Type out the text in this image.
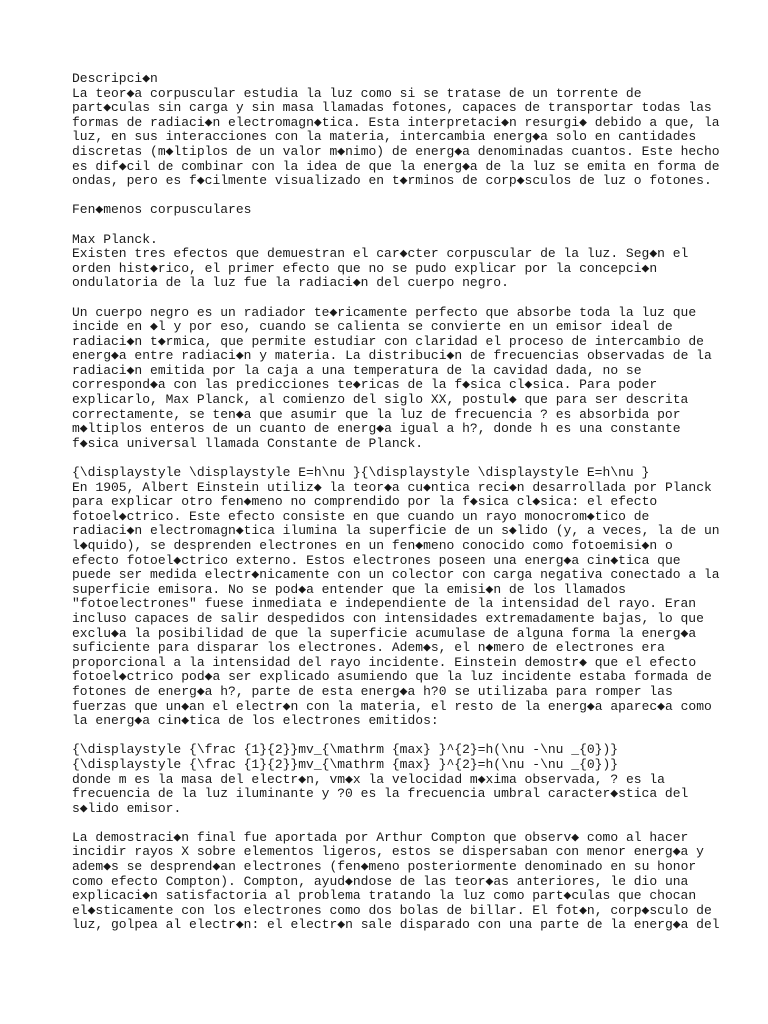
Descripci◆n
La teor◆a corpuscular estudia la luz como si se tratase de un torrente de
part◆culas sin carga y sin masa llamadas fotones, capaces de transportar todas las
formas de radiaci◆n electromagn◆tica. Esta interpretaci◆n resurgi◆ debido a que, la
luz, en sus interacciones con la materia, intercambia energ◆a solo en cantidades
discretas (m◆ltiplos de un valor m◆nimo) de energ◆a denominadas cuantos. Este hecho
es dif◆cil de combinar con la idea de que la energ◆a de la luz se emita en forma de
ondas, pero es f◆cilmente visualizado en t◆rminos de corp◆sculos de luz o fotones.
Fen◆menos corpusculares
Max Planck.
Existen tres efectos que demuestran el car◆cter corpuscular de la luz. Seg◆n el
orden hist◆rico, el primer efecto que no se pudo explicar por la concepci◆n
ondulatoria de la luz fue la radiaci◆n del cuerpo negro.
Un cuerpo negro es un radiador te◆ricamente perfecto que absorbe toda la luz que
incide en ◆l y por eso, cuando se calienta se convierte en un emisor ideal de
radiaci◆n t◆rmica, que permite estudiar con claridad el proceso de intercambio de
energ◆a entre radiaci◆n y materia. La distribuci◆n de frecuencias observadas de la
radiaci◆n emitida por la caja a una temperatura de la cavidad dada, no se
correspond◆a con las predicciones te◆ricas de la f◆sica cl◆sica. Para poder
explicarlo, Max Planck, al comienzo del siglo XX, postul◆ que para ser descrita
correctamente, se ten◆a que asumir que la luz de frecuencia ? es absorbida por
m◆ltiplos enteros de un cuanto de energ◆a igual a h?, donde h es una constante
f◆sica universal llamada Constante de Planck.
{\displaystyle \displaystyle E=h\nu }{\displaystyle \displaystyle E=h\nu }
En 1905, Albert Einstein utiliz◆ la teor◆a cu◆ntica reci◆n desarrollada por Planck
para explicar otro fen◆meno no comprendido por la f◆sica cl◆sica: el efecto
fotoel◆ctrico. Este efecto consiste en que cuando un rayo monocrom◆tico de
radiaci◆n electromagn◆tica ilumina la superficie de un s◆lido (y, a veces, la de un
l◆quido), se desprenden electrones en un fen◆meno conocido como fotoemisi◆n o
efecto fotoel◆ctrico externo. Estos electrones poseen una energ◆a cin◆tica que
puede ser medida electr◆nicamente con un colector con carga negativa conectado a la
superficie emisora. No se pod◆a entender que la emisi◆n de los llamados
"fotoelectrones" fuese inmediata e independiente de la intensidad del rayo. Eran
incluso capaces de salir despedidos con intensidades extremadamente bajas, lo que
exclu◆a la posibilidad de que la superficie acumulase de alguna forma la energ◆a
suficiente para disparar los electrones. Adem◆s, el n◆mero de electrones era
proporcional a la intensidad del rayo incidente. Einstein demostr◆ que el efecto
fotoel◆ctrico pod◆a ser explicado asumiendo que la luz incidente estaba formada de
fotones de energ◆a h?, parte de esta energ◆a h?0 se utilizaba para romper las
fuerzas que un◆an el electr◆n con la materia, el resto de la energ◆a aparec◆a como
la energ◆a cin◆tica de los electrones emitidos:
{\displaystyle {\frac {1}{2}}mv_{\mathrm {max} }^{2}=h(\nu -\nu _{0})}
{\displaystyle {\frac {1}{2}}mv_{\mathrm {max} }^{2}=h(\nu -\nu _{0})}
donde m es la masa del electr◆n, vm◆x la velocidad m◆xima observada, ? es la
frecuencia de la luz iluminante y ?0 es la frecuencia umbral caracter◆stica del
s◆lido emisor.
La demostraci◆n final fue aportada por Arthur Compton que observ◆ como al hacer
incidir rayos X sobre elementos ligeros, estos se dispersaban con menor energ◆a y
adem◆s se desprend◆an electrones (fen◆meno posteriormente denominado en su honor
como efecto Compton). Compton, ayud◆ndose de las teor◆as anteriores, le dio una
explicaci◆n satisfactoria al problema tratando la luz como part◆culas que chocan
el◆sticamente con los electrones como dos bolas de billar. El fot◆n, corp◆sculo de
luz, golpea al electr◆n: el electr◆n sale disparado con una parte de la energ◆a del
